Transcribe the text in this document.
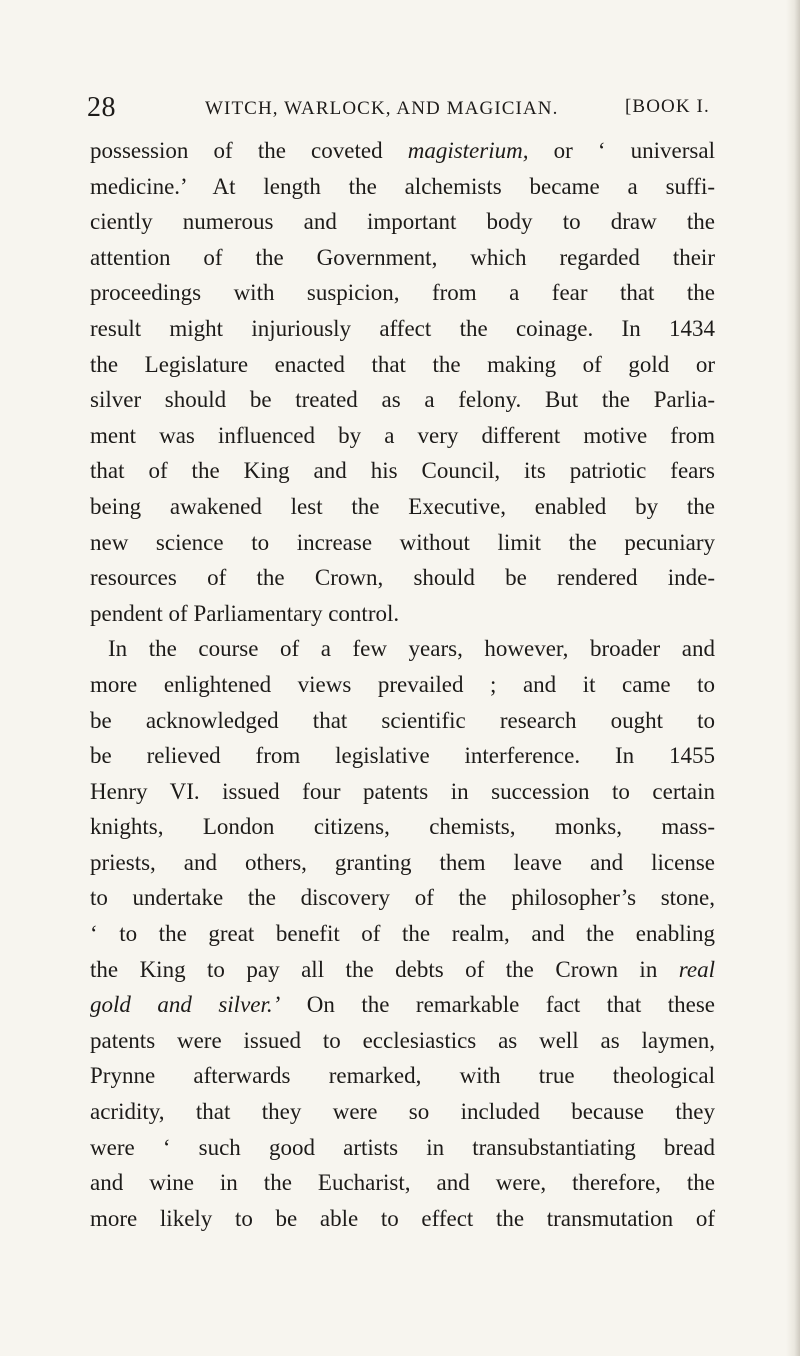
28	WITCH, WARLOCK, AND MAGICIAN.	[BOOK I.
possession of the coveted magisterium, or ‘ universal
medicine.’ At length the alchemists became a suffi-
ciently numerous and important body to draw the
attention of the Government, which regarded their
proceedings with suspicion, from a fear that the
result might injuriously affect the coinage. In 1434
the Legislature enacted that the making of gold or
silver should be treated as a felony. But the Parlia-
ment was influenced by a very different motive from
that of the King and his Council, its patriotic fears
being awakened lest the Executive, enabled by the
new science to increase without limit the pecuniary
resources of the Crown, should be rendered inde-
pendent of Parliamentary control.
In the course of a few years, however, broader and
more enlightened views prevailed ; and it came to
be acknowledged that scientific research ought to
be relieved from legislative interference. In 1455
Henry VI. issued four patents in succession to certain
knights, London citizens, chemists, monks, mass-
priests, and others, granting them leave and license
to undertake the discovery of the philosopher’s stone,
‘ to the great benefit of the realm, and the enabling
the King to pay all the debts of the Crown in real
gold and silver.’ On the remarkable fact that these
patents were issued to ecclesiastics as well as laymen,
Prynne afterwards remarked, with true theological
acridity, that they were so included because they
were ‘ such good artists in transubstantiating bread
and wine in the Eucharist, and were, therefore, the
more likely to be able to effect the transmutation of
